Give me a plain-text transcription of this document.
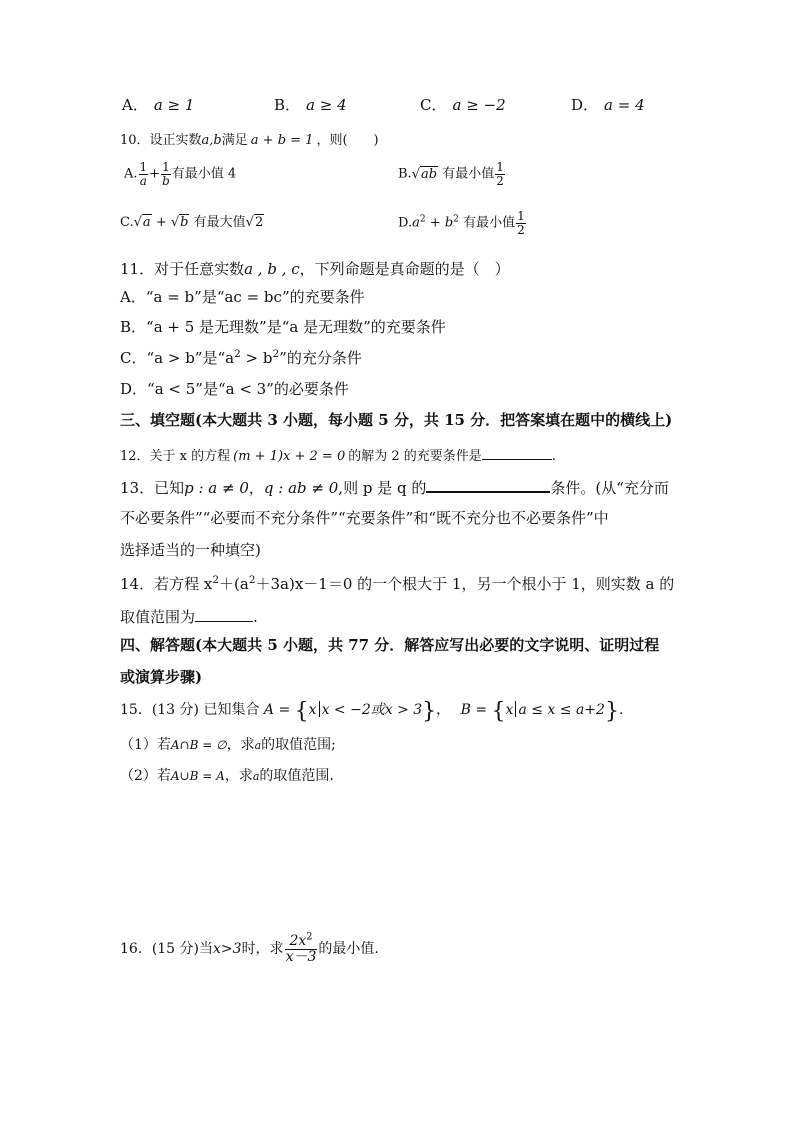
A． a ≥ 1	B． a ≥ 4	C． a ≥ −2	D． a = 4
10．设正实数a,b满足 a + b = 1 ，则(　　)
A. $\frac{1}{a} + \frac{1}{b}$ 有最小值 4	B.√ab 有最小值 $\frac{1}{2}$
C.√a + √b 有最大值√2	$D.a^2 + b^2$ 有最小值 $\frac{1}{2}$
11．对于任意实数a , b , c，下列命题是真命题的是（　）
A．“a = b”是“ac = bc”的充要条件
B．“a + 5 是无理数”是“a 是无理数”的充要条件
C．“a > b”是“$a^2 > b^2$”的充分条件
D．“a < 5”是“a < 3”的必要条件
三、填空题(本大题共 3 小题，每小题 5 分，共 15 分．把答案填在题中的横线上)
12．关于 x 的方程 (m + 1)x + 2 = 0 的解为 2 的充要条件是	.
13．已知p : a ≠ 0，q : ab ≠ 0,则 p 是 q 的	条件。(从“充分而
不必要条件”“必要而不充分条件”“充要条件”和“既不充分也不必要条件”中
选择适当的一种填空)
14．若方程 $x^2+(a^2+3a)x-1=0$ 的一个根大于 1，另一个根小于 1，则实数 a 的
取值范围为	.
四、解答题(本大题共 5 小题，共 77 分．解答应写出必要的文字说明、证明过程
或演算步骤)
15．(13 分) 已知集合 A = {x x < −2或x > 3}， B = {x a ≤ x ≤ a+2}.
（1）若A∩B = ∅，求a的取值范围;
（2）若A∪B = A，求a的取值范围.
16．(15 分)当 x>3 时，求 $\frac{2x^2}{x-3}$ 的最小值.
